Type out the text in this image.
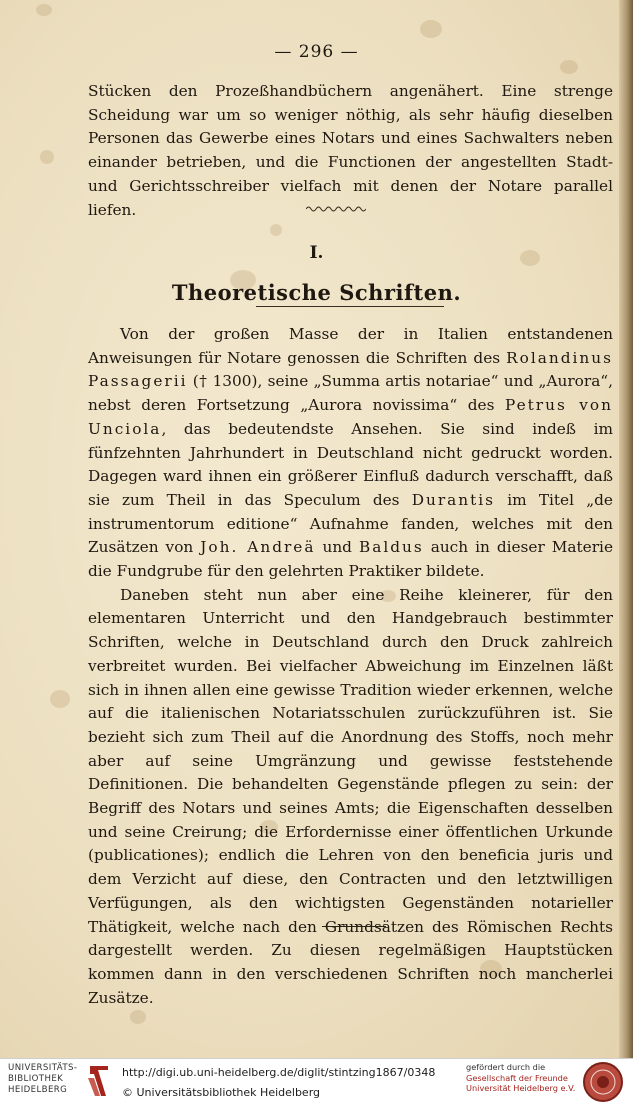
— 296 —
Stücken den Prozeßhandbüchern angenähert. Eine strenge Scheidung war um so weniger nöthig, als sehr häufig dieselben Personen das Gewerbe eines Notars und eines Sachwalters neben einander betrieben, und die Functionen der angestellten Stadt- und Gerichtsschreiber vielfach mit denen der Notare parallel liefen.
I.
Theoretische Schriften.

Von der großen Masse der in Italien entstandenen Anweisungen für Notare genossen die Schriften des Rolandinus Passagerii († 1300), seine „Summa artis notariae“ und „Aurora“, nebst deren Fortsetzung „Aurora novissima“ des Petrus von Unciola, das bedeutendste Ansehen. Sie sind indeß im fünfzehnten Jahrhundert in Deutschland nicht gedruckt worden. Dagegen ward ihnen ein größerer Einfluß dadurch verschafft, daß sie zum Theil in das Speculum des Durantis im Titel „de instrumentorum editione“ Aufnahme fanden, welches mit den Zusätzen von Joh. Andreä und Baldus auch in dieser Materie die Fundgrube für den gelehrten Praktiker bildete.

Daneben steht nun aber eine Reihe kleinerer, für den elementaren Unterricht und den Handgebrauch bestimmter Schriften, welche in Deutschland durch den Druck zahlreich verbreitet wurden. Bei vielfacher Abweichung im Einzelnen läßt sich in ihnen allen eine gewisse Tradition wieder erkennen, welche auf die italienischen Notariatsschulen zurückzuführen ist. Sie bezieht sich zum Theil auf die Anordnung des Stoffs, noch mehr aber auf seine Umgränzung und gewisse feststehende Definitionen. Die behandelten Gegenstände pflegen zu sein: der Begriff des Notars und seines Amts; die Eigenschaften desselben und seine Creirung; die Erfordernisse einer öffentlichen Urkunde (publicationes); endlich die Lehren von den beneficia juris und dem Verzicht auf diese, den Contracten und den letztwilligen Verfügungen, als den wichtigsten Gegenständen notarieller Thätigkeit, welche nach den Grundsätzen des Römischen Rechts dargestellt werden. Zu diesen regelmäßigen Hauptstücken kommen dann in den verschiedenen Schriften noch mancherlei Zusätze.

UNIVERSITÄTS-
BIBLIOTHEK
HEIDELBERG
http://digi.ub.uni-heidelberg.de/diglit/stintzing1867/0348
© Universitätsbibliothek Heidelberg
gefördert durch die
Gesellschaft der Freunde
Universität Heidelberg e.V.
